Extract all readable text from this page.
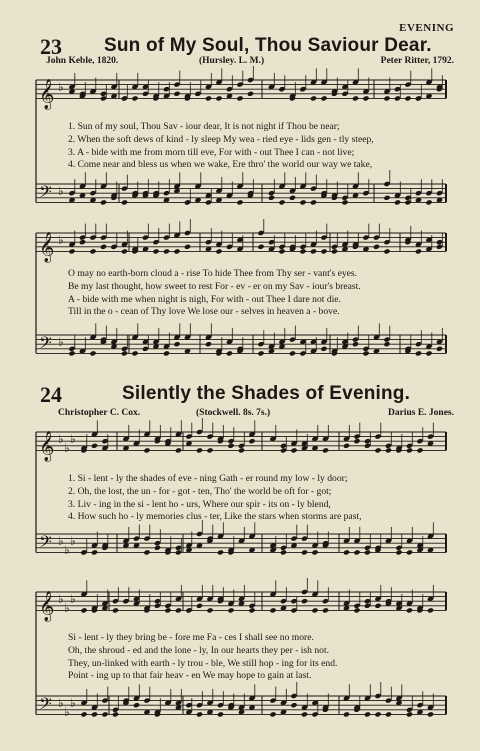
EVENING
23 Sun of My Soul, Thou Saviour Dear.
John Keble, 1820.	(Hursley. L. M.)	Peter Ritter, 1792.
𝄞 ♭
𝄢 ♭
𝄞 ♭
𝄢 ♭
𝄞 ♭
♭
♭
𝄢 ♭
♭
♭
𝄞 ♭
♭
♭
𝄢 ♭
♭
♭
1. Sun of my soul, Thou Sav - iour dear, It is not night if Thou be near;
2. When the soft dews of kind - ly sleep My wea - ried eye - lids gen - tly steep,
3. A - bide with me from morn till eve, For with - out Thee I can - not live;
4. Come near and bless us when we wake, Ere thro' the world our way we take,
O may no earth-born cloud a - rise To hide Thee from Thy ser - vant's eyes.
Be my last thought, how sweet to rest For - ev - er on my Sav - iour's breast.
A - bide with me when night is nigh, For with - out Thee I dare not die.
Till in the o - cean of Thy love We lose our - selves in heaven a - bove.
24	Silently the Shades of Evening.
Christopher C. Cox.	(Stockwell. 8s. 7s.)	Darius E. Jones.
1. Si - lent - ly the shades of eve - ning Gath - er round my low - ly door;
2. Oh, the lost, the un - for - got - ten, Tho' the world be oft for - got;
3. Liv - ing in the si - lent ho - urs, Where our spir - its on - ly blend,
4. How such ho - ly memories clus - ter, Like the stars when storms are past,
Si - lent - ly they bring be - fore me Fa - ces I shall see no more.
Oh, the shroud - ed and the lone - ly, In our hearts they per - ish not.
They, un-linked with earth - ly trou - ble, We still hop - ing for its end.
Point - ing up to that fair heav - en We may hope to gain at last.
